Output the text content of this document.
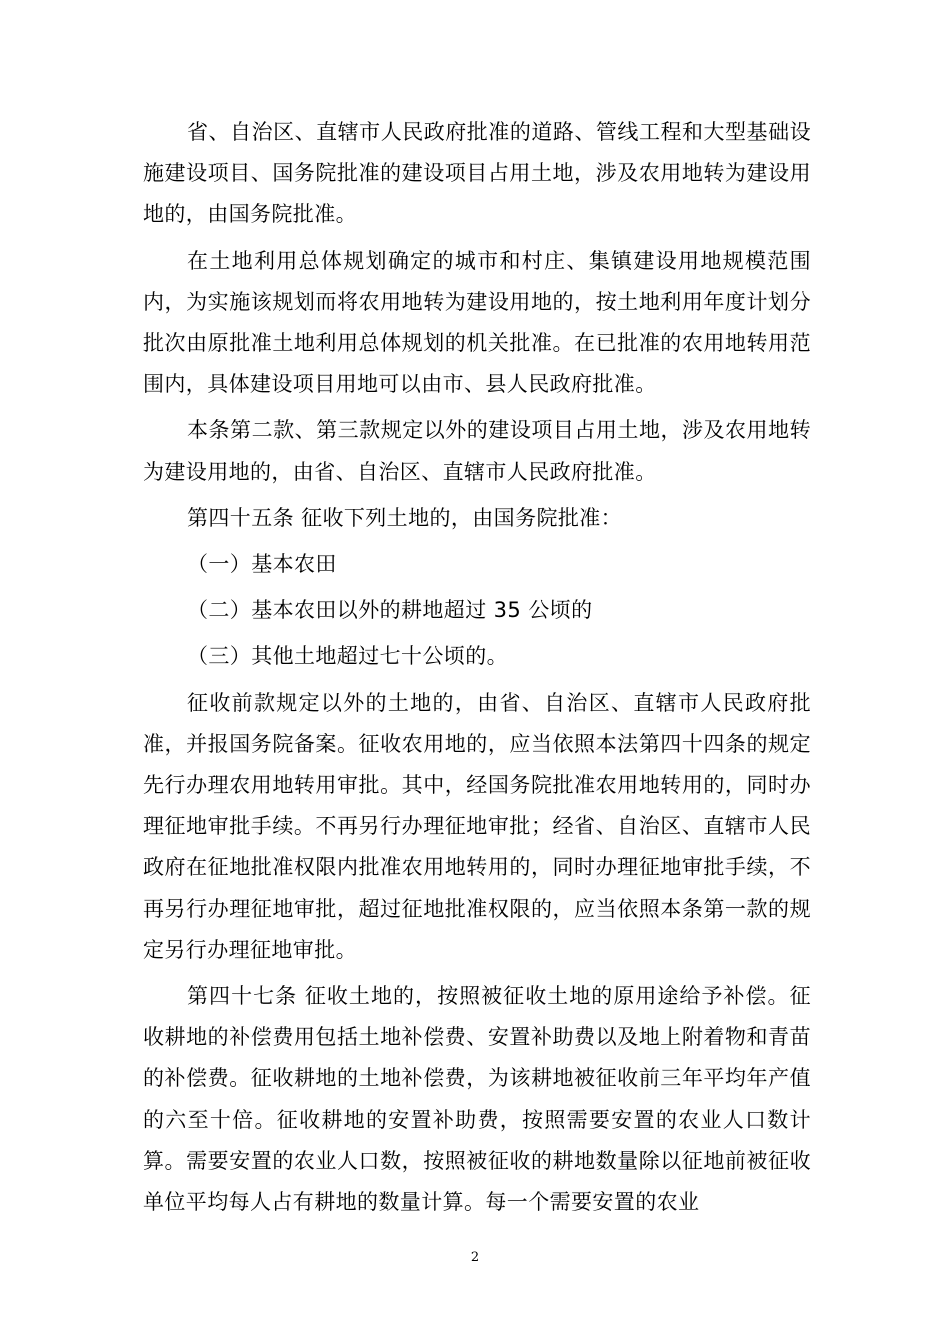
省、自治区、直辖市人民政府批准的道路、管线工程和大型基础设施建设项目、国务院批准的建设项目占用土地，涉及农用地转为建设用地的，由国务院批准。

在土地利用总体规划确定的城市和村庄、集镇建设用地规模范围内，为实施该规划而将农用地转为建设用地的，按土地利用年度计划分批次由原批准土地利用总体规划的机关批准。在已批准的农用地转用范围内，具体建设项目用地可以由市、县人民政府批准。

本条第二款、第三款规定以外的建设项目占用土地，涉及农用地转为建设用地的，由省、自治区、直辖市人民政府批准。

第四十五条 征收下列土地的，由国务院批准：

（一）基本农田

（二）基本农田以外的耕地超过 35 公顷的

（三）其他土地超过七十公顷的。

征收前款规定以外的土地的，由省、自治区、直辖市人民政府批准，并报国务院备案。征收农用地的，应当依照本法第四十四条的规定先行办理农用地转用审批。其中，经国务院批准农用地转用的，同时办理征地审批手续。不再另行办理征地审批；经省、自治区、直辖市人民政府在征地批准权限内批准农用地转用的，同时办理征地审批手续，不再另行办理征地审批，超过征地批准权限的，应当依照本条第一款的规定另行办理征地审批。

第四十七条 征收土地的，按照被征收土地的原用途给予补偿。征收耕地的补偿费用包括土地补偿费、安置补助费以及地上附着物和青苗的补偿费。征收耕地的土地补偿费，为该耕地被征收前三年平均年产值的六至十倍。征收耕地的安置补助费，按照需要安置的农业人口数计算。需要安置的农业人口数，按照被征收的耕地数量除以征地前被征收单位平均每人占有耕地的数量计算。每一个需要安置的农业

2
